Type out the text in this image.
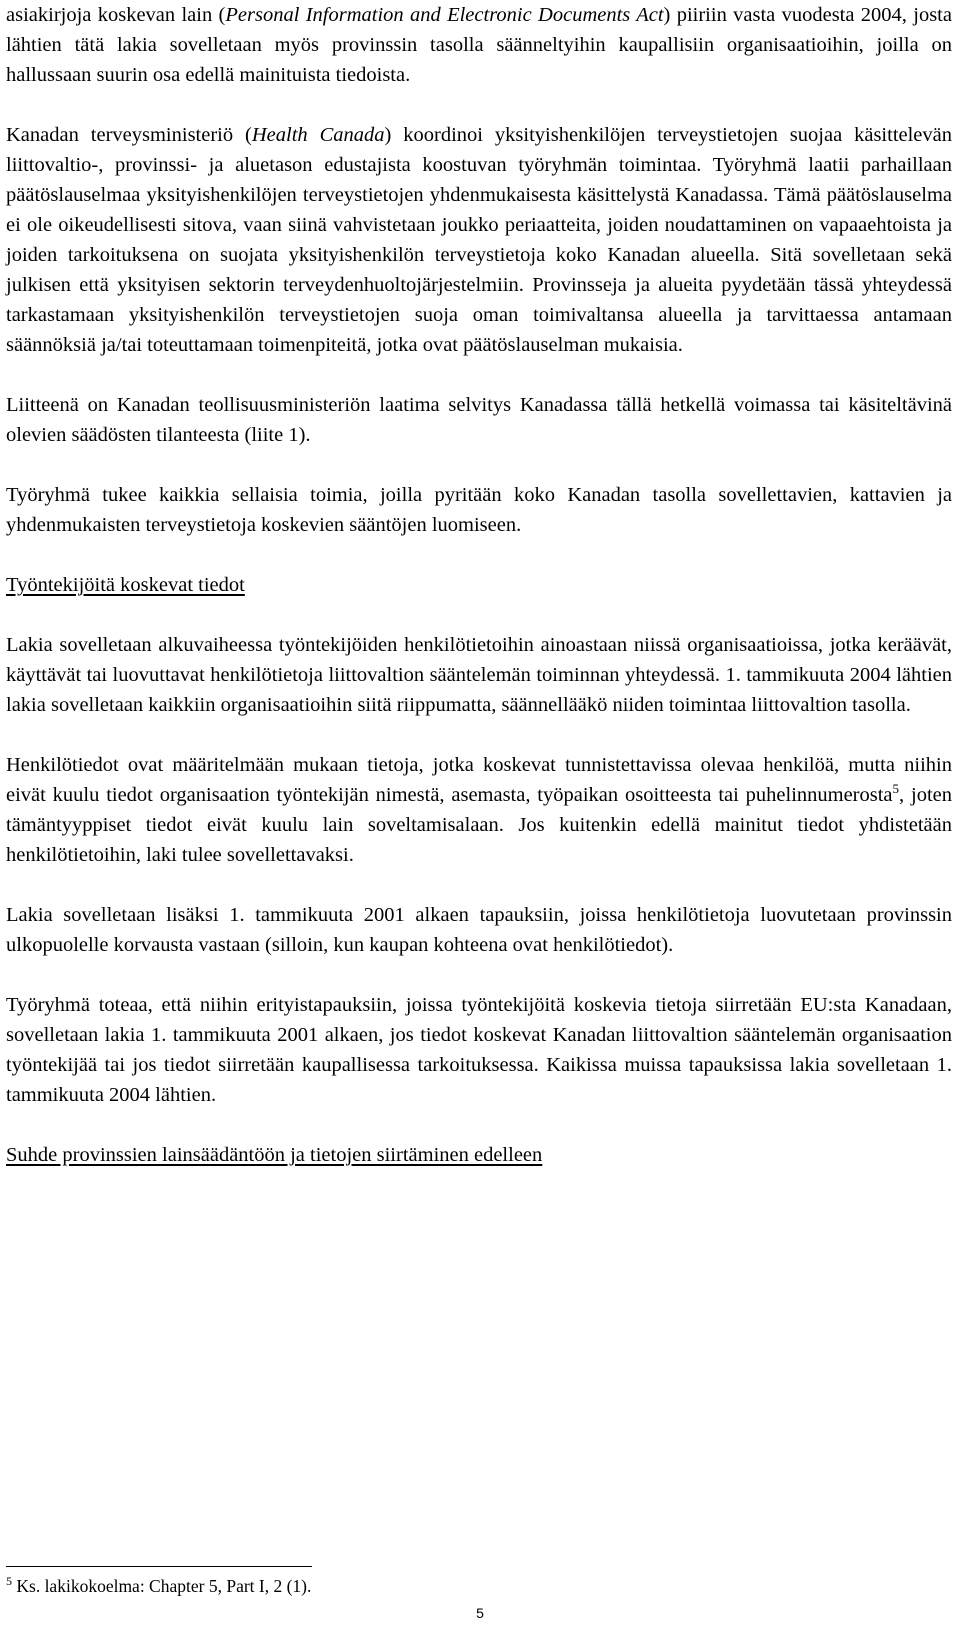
asiakirjoja koskevan lain (Personal Information and Electronic Documents Act) piiriin vasta vuodesta 2004, josta lähtien tätä lakia sovelletaan myös provinssin tasolla säänneltyihin kaupallisiin organisaatioihin, joilla on hallussaan suurin osa edellä mainituista tiedoista.

Kanadan terveysministeriö (Health Canada) koordinoi yksityishenkilöjen terveystietojen suojaa käsittelevän liittovaltio-, provinssi- ja aluetason edustajista koostuvan työryhmän toimintaa. Työryhmä laatii parhaillaan päätöslauselmaa yksityishenkilöjen terveystietojen yhdenmukaisesta käsittelystä Kanadassa. Tämä päätöslauselma ei ole oikeudellisesti sitova, vaan siinä vahvistetaan joukko periaatteita, joiden noudattaminen on vapaaehtoista ja joiden tarkoituksena on suojata yksityishenkilön terveystietoja koko Kanadan alueella. Sitä sovelletaan sekä julkisen että yksityisen sektorin terveydenhuoltojärjestelmiin. Provinsseja ja alueita pyydetään tässä yhteydessä tarkastamaan yksityishenkilön terveystietojen suoja oman toimivaltansa alueella ja tarvittaessa antamaan säännöksiä ja/tai toteuttamaan toimenpiteitä, jotka ovat päätöslauselman mukaisia.

Liitteenä on Kanadan teollisuusministeriön laatima selvitys Kanadassa tällä hetkellä voimassa tai käsiteltävinä olevien säädösten tilanteesta (liite 1).

Työryhmä tukee kaikkia sellaisia toimia, joilla pyritään koko Kanadan tasolla sovellettavien, kattavien ja yhdenmukaisten terveystietoja koskevien sääntöjen luomiseen.

Työntekijöitä koskevat tiedot

Lakia sovelletaan alkuvaiheessa työntekijöiden henkilötietoihin ainoastaan niissä organisaatioissa, jotka keräävät, käyttävät tai luovuttavat henkilötietoja liittovaltion sääntelemän toiminnan yhteydessä. 1. tammikuuta 2004 lähtien lakia sovelletaan kaikkiin organisaatioihin siitä riippumatta, säännellääkö niiden toimintaa liittovaltion tasolla.

Henkilötiedot ovat määritelmään mukaan tietoja, jotka koskevat tunnistettavissa olevaa henkilöä, mutta niihin eivät kuulu tiedot organisaation työntekijän nimestä, asemasta, työpaikan osoitteesta tai puhelinnumerosta$^5$, joten tämäntyyppiset tiedot eivät kuulu lain soveltamisalaan. Jos kuitenkin edellä mainitut tiedot yhdistetään henkilötietoihin, laki tulee sovellettavaksi.

Lakia sovelletaan lisäksi 1. tammikuuta 2001 alkaen tapauksiin, joissa henkilötietoja luovutetaan provinssin ulkopuolelle korvausta vastaan (silloin, kun kaupan kohteena ovat henkilötiedot).

Työryhmä toteaa, että niihin erityistapauksiin, joissa työntekijöitä koskevia tietoja siirretään EU:sta Kanadaan, sovelletaan lakia 1. tammikuuta 2001 alkaen, jos tiedot koskevat Kanadan liittovaltion sääntelemän organisaation työntekijää tai jos tiedot siirretään kaupallisessa tarkoituksessa. Kaikissa muissa tapauksissa lakia sovelletaan 1. tammikuuta 2004 lähtien.

Suhde provinssien lainsäädäntöön ja tietojen siirtäminen edelleen

$^5$ Ks. lakikokoelma: Chapter 5, Part I, 2 (1).
5
